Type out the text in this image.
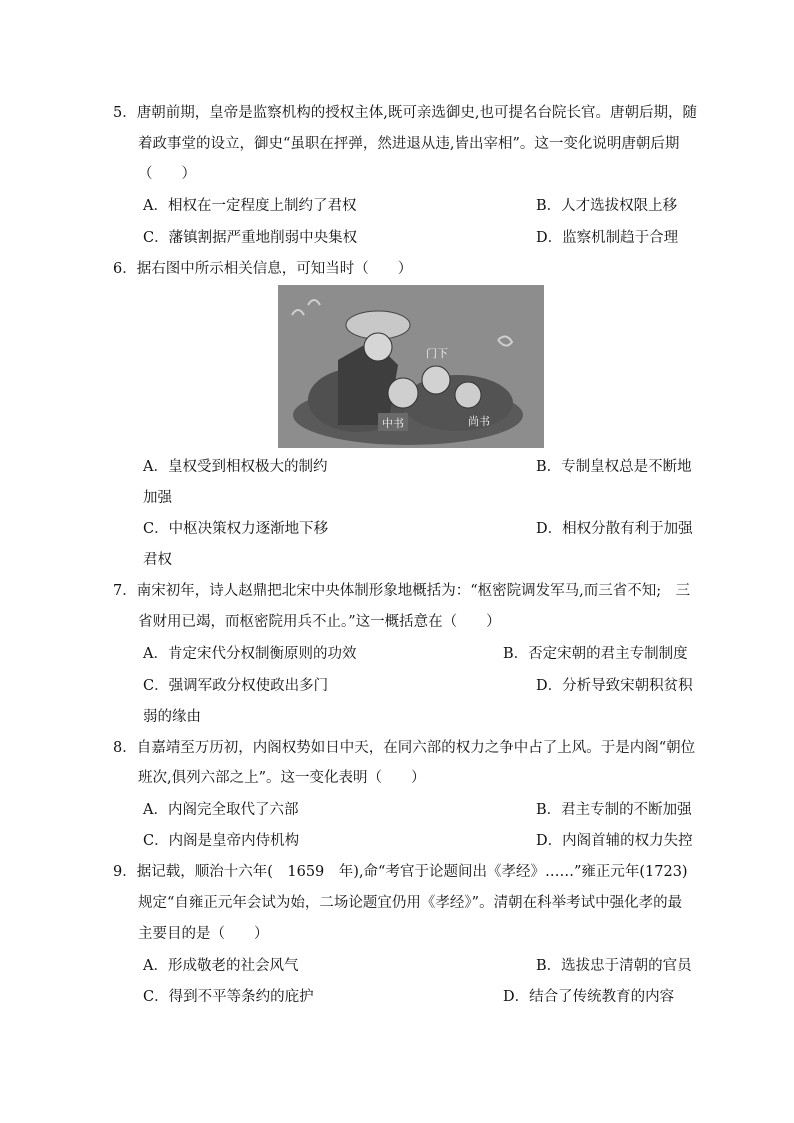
5．唐朝前期，皇帝是监察机构的授权主体,既可亲选御史,也可提名台院长官。唐朝后期，随
着政事堂的设立，御史“虽职在抨弹，然进退从违,皆出宰相”。这一变化说明唐朝后期
（　　）
A．相权在一定程度上制约了君权	B．人才选拔权限上移
C．藩镇割据严重地削弱中央集权	D．监察机制趋于合理
6．据右图中所示相关信息，可知当时（　　）
门下
中书	尚书
A．皇权受到相权极大的制约	B．专制皇权总是不断地
加强
C．中枢决策权力逐渐地下移	D．相权分散有利于加强
君权
7．南宋初年，诗人赵鼎把北宋中央体制形象地概括为：“枢密院调发军马,而三省不知;　三
省财用已竭，而枢密院用兵不止。”这一概括意在（　　）
A．肯定宋代分权制衡原则的功效	B．否定宋朝的君主专制制度
C．强调军政分权使政出多门	D．分析导致宋朝积贫积
弱的缘由
8．自嘉靖至万历初，内阁权势如日中天，在同六部的权力之争中占了上风。于是内阁“朝位
班次,俱列六部之上”。这一变化表明（　　）
A．内阁完全取代了六部	B．君主专制的不断加强
C．内阁是皇帝内侍机构	D．内阁首辅的权力失控
9．据记载，顺治十六年(　1659　年),命“考官于论题间出《孝经》……”雍正元年(1723)
规定“自雍正元年会试为始，二场论题宜仍用《孝经》”。清朝在科举考试中强化孝的最
主要目的是（　　）
A．形成敬老的社会风气	B．选拔忠于清朝的官员
C．得到不平等条约的庇护	D．结合了传统教育的内容
